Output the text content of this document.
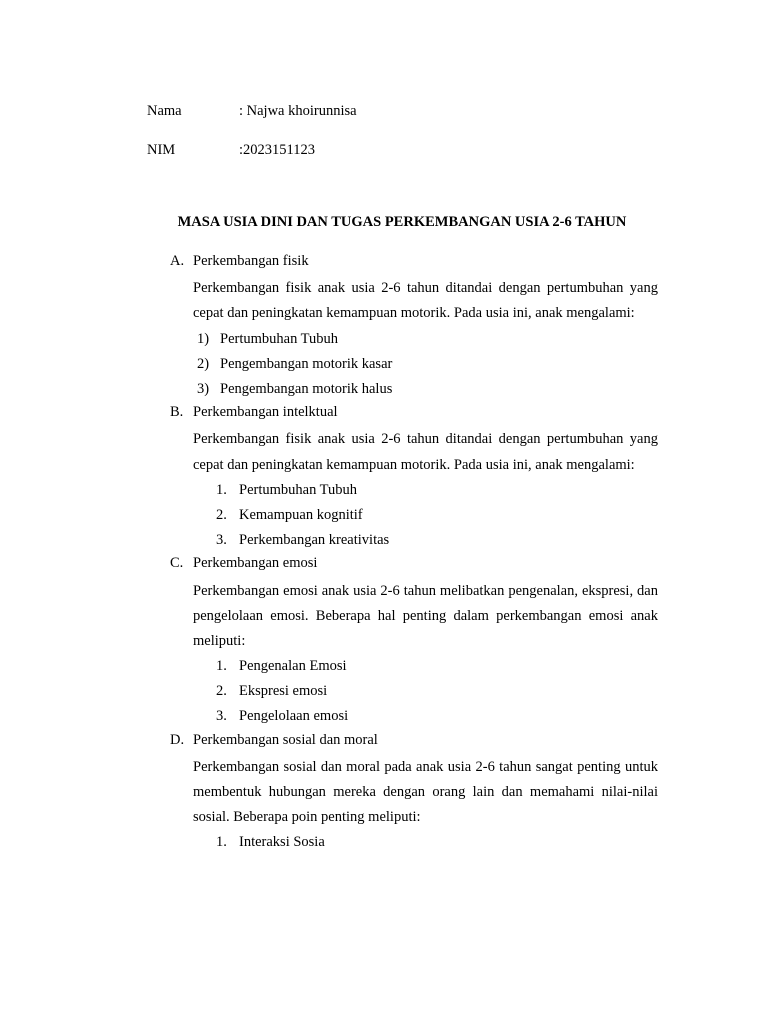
Nama	: Najwa khoirunnisa
NIM	:2023151123
MASA USIA DINI DAN TUGAS PERKEMBANGAN USIA 2-6 TAHUN
A. Perkembangan fisik

Perkembangan fisik anak usia 2-6 tahun ditandai dengan pertumbuhan yang cepat dan peningkatan kemampuan motorik. Pada usia ini, anak mengalami:

1) Pertumbuhan Tubuh
2) Pengembangan motorik kasar
3) Pengembangan motorik halus
B. Perkembangan intelktual

Perkembangan fisik anak usia 2-6 tahun ditandai dengan pertumbuhan yang cepat dan peningkatan kemampuan motorik. Pada usia ini, anak mengalami:

1. Pertumbuhan Tubuh
2. Kemampuan kognitif
3. Perkembangan kreativitas
C. Perkembangan emosi

Perkembangan emosi anak usia 2-6 tahun melibatkan pengenalan, ekspresi, dan pengelolaan emosi. Beberapa hal penting dalam perkembangan emosi anak meliputi:

1. Pengenalan Emosi
2. Ekspresi emosi
3. Pengelolaan emosi
D. Perkembangan sosial dan moral

Perkembangan sosial dan moral pada anak usia 2-6 tahun sangat penting untuk membentuk hubungan mereka dengan orang lain dan memahami nilai-nilai sosial. Beberapa poin penting meliputi:

1. Interaksi Sosia
